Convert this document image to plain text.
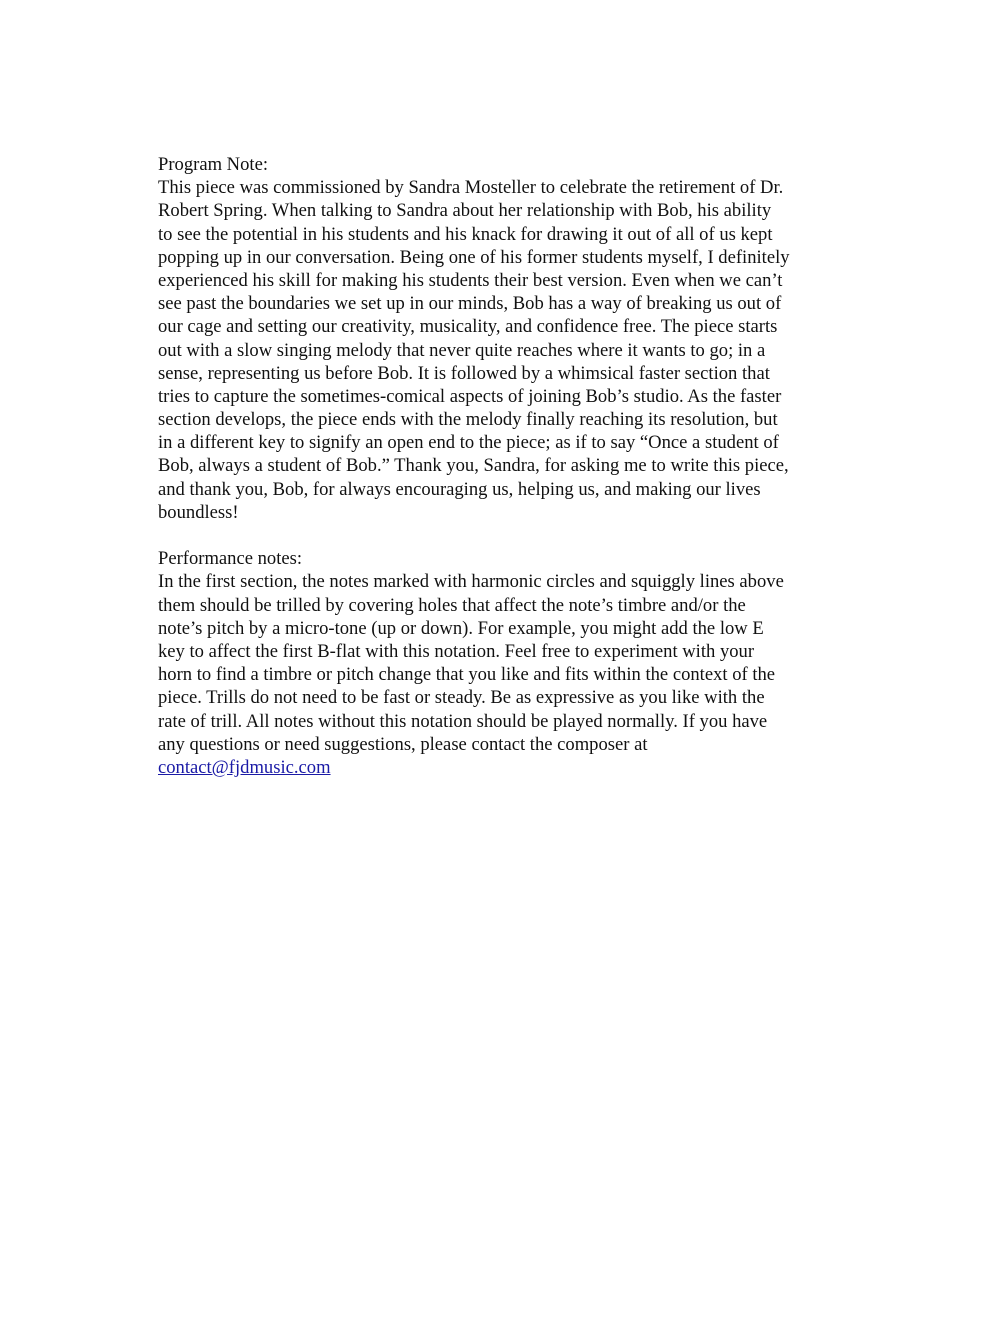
Program Note:
This piece was commissioned by Sandra Mosteller to celebrate the retirement of Dr.
Robert Spring. When talking to Sandra about her relationship with Bob, his ability
to see the potential in his students and his knack for drawing it out of all of us kept
popping up in our conversation. Being one of his former students myself, I definitely
experienced his skill for making his students their best version. Even when we can’t
see past the boundaries we set up in our minds, Bob has a way of breaking us out of
our cage and setting our creativity, musicality, and confidence free. The piece starts
out with a slow singing melody that never quite reaches where it wants to go; in a
sense, representing us before Bob. It is followed by a whimsical faster section that
tries to capture the sometimes-comical aspects of joining Bob’s studio. As the faster
section develops, the piece ends with the melody finally reaching its resolution, but
in a different key to signify an open end to the piece; as if to say “Once a student of
Bob, always a student of Bob.” Thank you, Sandra, for asking me to write this piece,
and thank you, Bob, for always encouraging us, helping us, and making our lives
boundless!
Performance notes:
In the first section, the notes marked with harmonic circles and squiggly lines above
them should be trilled by covering holes that affect the note’s timbre and/or the
note’s pitch by a micro-tone (up or down). For example, you might add the low E
key to affect the first B-flat with this notation. Feel free to experiment with your
horn to find a timbre or pitch change that you like and fits within the context of the
piece. Trills do not need to be fast or steady. Be as expressive as you like with the
rate of trill. All notes without this notation should be played normally. If you have
any questions or need suggestions, please contact the composer at
contact@fjdmusic.com
